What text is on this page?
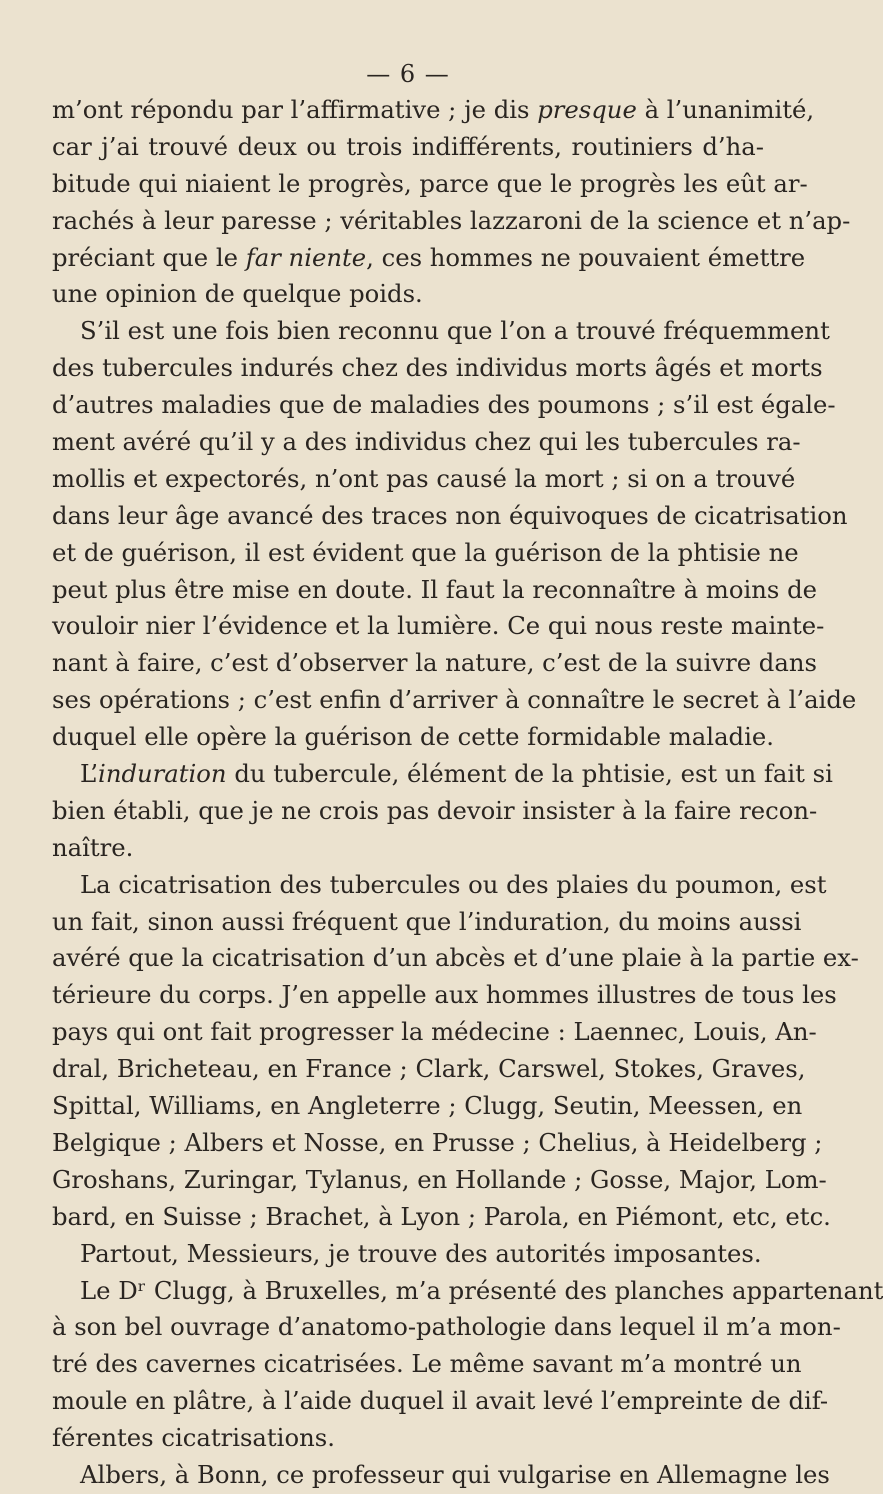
— 6 —
m’ont répondu par l’affirmative ; je dis presque à l’unanimité,
car j’ai trouvé deux ou trois indifférents, routiniers d’ha-
bitude qui niaient le progrès, parce que le progrès les eût ar-
rachés à leur paresse ; véritables lazzaroni de la science et n’ap-
préciant que le far niente, ces hommes ne pouvaient émettre
une opinion de quelque poids.
S’il est une fois bien reconnu que l’on a trouvé fréquemment
des tubercules indurés chez des individus morts âgés et morts
d’autres maladies que de maladies des poumons ; s’il est égale-
ment avéré qu’il y a des individus chez qui les tubercules ra-
mollis et expectorés, n’ont pas causé la mort ; si on a trouvé
dans leur âge avancé des traces non équivoques de cicatrisation
et de guérison, il est évident que la guérison de la phtisie ne
peut plus être mise en doute. Il faut la reconnaître à moins de
vouloir nier l’évidence et la lumière. Ce qui nous reste mainte-
nant à faire, c’est d’observer la nature, c’est de la suivre dans
ses opérations ; c’est enfin d’arriver à connaître le secret à l’aide
duquel elle opère la guérison de cette formidable maladie.
L’induration du tubercule, élément de la phtisie, est un fait si
bien établi, que je ne crois pas devoir insister à la faire recon-
naître.
La cicatrisation des tubercules ou des plaies du poumon, est
un fait, sinon aussi fréquent que l’induration, du moins aussi
avéré que la cicatrisation d’un abcès et d’une plaie à la partie ex-
térieure du corps. J’en appelle aux hommes illustres de tous les
pays qui ont fait progresser la médecine : Laennec, Louis, An-
dral, Bricheteau, en France ; Clark, Carswel, Stokes, Graves,
Spittal, Williams, en Angleterre ; Clugg, Seutin, Meessen, en
Belgique ; Albers et Nosse, en Prusse ; Chelius, à Heidelberg ;
Groshans, Zuringar, Tylanus, en Hollande ; Gosse, Major, Lom-
bard, en Suisse ; Brachet, à Lyon ; Parola, en Piémont, etc, etc.
Partout, Messieurs, je trouve des autorités imposantes.
Le Dʳ Clugg, à Bruxelles, m’a présenté des planches appartenant
à son bel ouvrage d’anatomo-pathologie dans lequel il m’a mon-
tré des cavernes cicatrisées. Le même savant m’a montré un
moule en plâtre, à l’aide duquel il avait levé l’empreinte de dif-
férentes cicatrisations.
Albers, à Bonn, ce professeur qui vulgarise en Allemagne les
